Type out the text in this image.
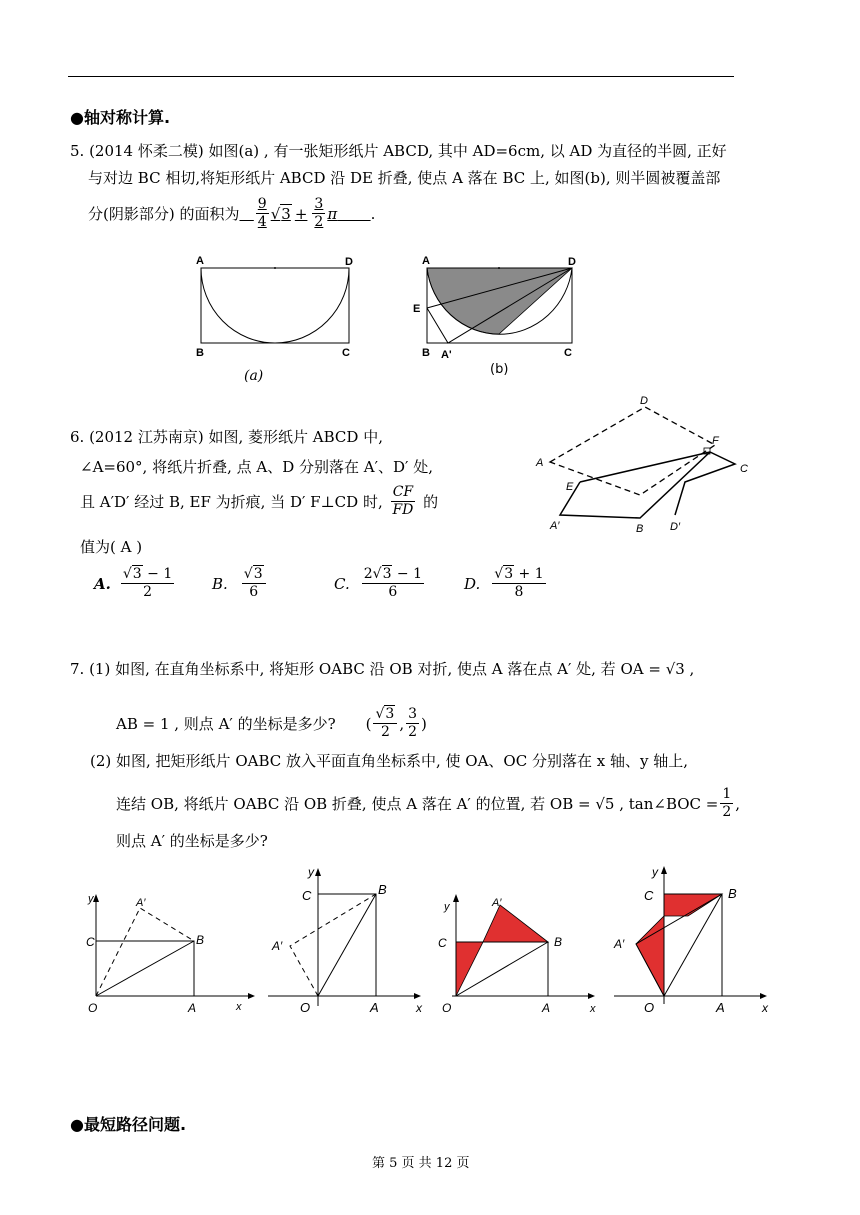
●轴对称计算.
5. (2014 怀柔二模) 如图(a) , 有一张矩形纸片 ABCD, 其中 AD=6cm, 以 AD 为直径的半圆, 正好
与对边 BC 相切,将矩形纸片 ABCD 沿 DE 折叠, 使点 A 落在 BC 上, 如图(b), 则半圆被覆盖部
分(阴影部分) 的面积为
$\frac{9}{4}$ √ $3 + \frac{3}{2}$ π
.
A	D
B	C
(a)
A	D
E
B A'	C
(b)
6. (2012 江苏南京) 如图, 菱形纸片 ABCD 中,
∠A=60°, 将纸片折叠, 点 A、D 分别落在 A′、D′ 处,
且 A′D′ 经过 B, EF 为折痕, 当 D′ F⊥CD 时, $\frac{CF}{FD}$ 的
值为( A )
A. $\frac{√3 - 1}{2}$	B. $\frac{√3}{6}$	C. $\frac{2√3 - 1}{6}$	D. $\frac{√3 + 1}{8}$
D
F
A	C
E
A′	B D′
7. (1) 如图, 在直角坐标系中, 将矩形 OABC 沿 OB 对折, 使点 A 落在点 A′ 处, 若 OA = √3 ,
AB = 1 , 则点 A′ 的坐标是多少? ( $\frac{√3}{2}$ , $\frac{3}{2}$ )
(2) 如图, 把矩形纸片 OABC 放入平面直角坐标系中, 使 OA、OC 分别落在 x 轴、y 轴上,
连结 OB, 将纸片 OABC 沿 OB 折叠, 使点 A 落在 A′ 的位置, 若 OB = √5 , tan∠BOC = $\frac{1}{2}$ ,
则点 A′ 的坐标是多少?
y
x
O	A
B
C
A′
y
x
O	A
B
C
A′
y
x
O	A
B
C
A′
y
x
O	A
B
C
A′
●最短路径问题.
第 5 页 共 12 页
